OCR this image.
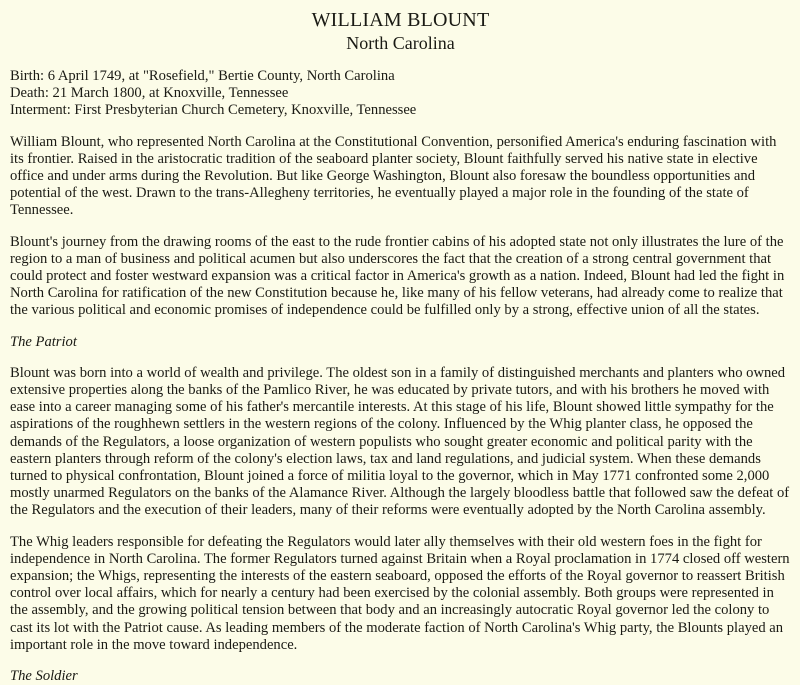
WILLIAM BLOUNT
North Carolina
Birth: 6 April 1749, at "Rosefield," Bertie County, North Carolina
Death: 21 March 1800, at Knoxville, Tennessee
Interment: First Presbyterian Church Cemetery, Knoxville, Tennessee

William Blount, who represented North Carolina at the Constitutional Convention, personified America's enduring fascination with its frontier. Raised in the aristocratic tradition of the seaboard planter society, Blount faithfully served his native state in elective office and under arms during the Revolution. But like George Washington, Blount also foresaw the boundless opportunities and potential of the west. Drawn to the trans-Allegheny territories, he eventually played a major role in the founding of the state of Tennessee.

Blount's journey from the drawing rooms of the east to the rude frontier cabins of his adopted state not only illustrates the lure of the region to a man of business and political acumen but also underscores the fact that the creation of a strong central government that could protect and foster westward expansion was a critical factor in America's growth as a nation. Indeed, Blount had led the fight in North Carolina for ratification of the new Constitution because he, like many of his fellow veterans, had already come to realize that the various political and economic promises of independence could be fulfilled only by a strong, effective union of all the states.

The Patriot

Blount was born into a world of wealth and privilege. The oldest son in a family of distinguished merchants and planters who owned extensive properties along the banks of the Pamlico River, he was educated by private tutors, and with his brothers he moved with ease into a career managing some of his father's mercantile interests. At this stage of his life, Blount showed little sympathy for the aspirations of the roughhewn settlers in the western regions of the colony. Influenced by the Whig planter class, he opposed the demands of the Regulators, a loose organization of western populists who sought greater economic and political parity with the eastern planters through reform of the colony's election laws, tax and land regulations, and judicial system. When these demands turned to physical confrontation, Blount joined a force of militia loyal to the governor, which in May 1771 confronted some 2,000 mostly unarmed Regulators on the banks of the Alamance River. Although the largely bloodless battle that followed saw the defeat of the Regulators and the execution of their leaders, many of their reforms were eventually adopted by the North Carolina assembly.

The Whig leaders responsible for defeating the Regulators would later ally themselves with their old western foes in the fight for independence in North Carolina. The former Regulators turned against Britain when a Royal proclamation in 1774 closed off western expansion; the Whigs, representing the interests of the eastern seaboard, opposed the efforts of the Royal governor to reassert British control over local affairs, which for nearly a century had been exercised by the colonial assembly. Both groups were represented in the assembly, and the growing political tension between that body and an increasingly autocratic Royal governor led the colony to cast its lot with the Patriot cause. As leading members of the moderate faction of North Carolina's Whig party, the Blounts played an important role in the move toward independence.

The Soldier
